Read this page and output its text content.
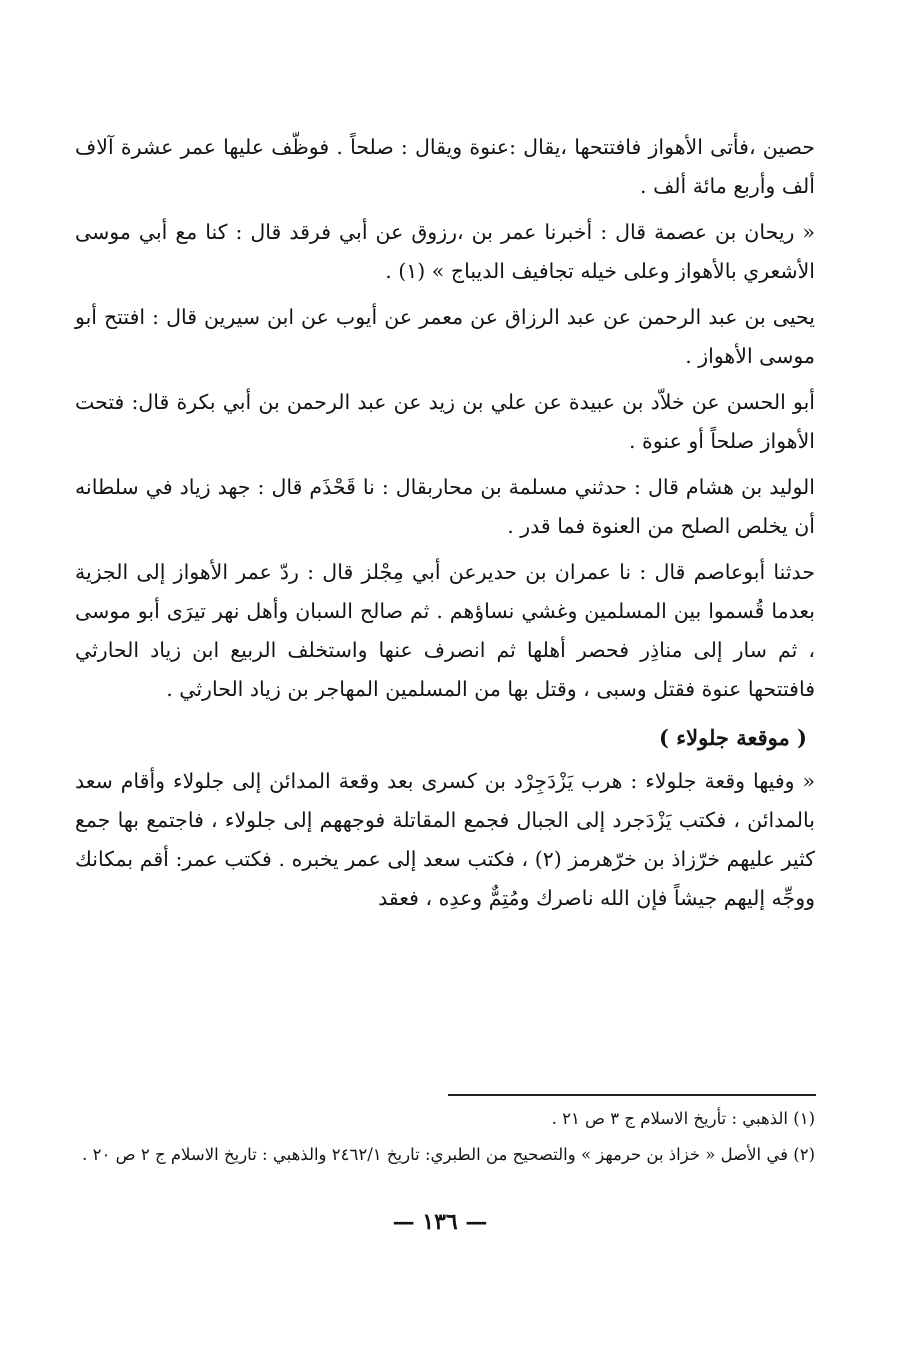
حصين ،فأتى الأهواز فافتتحها ،يقال :عنوة ويقال : صلحاً . فوظّف عليها عمر عشرة آلاف ألف وأربع مائة ألف .

« ريحان بن عصمة قال : أخبرنا عمر بن ،رزوق عن أبي فرقد قال : كنا مع أبي موسى الأشعري بالأهواز وعلى خيله تجافيف الديباج » (١) .

يحيى بن عبد الرحمن عن عبد الرزاق عن معمر عن أيوب عن ابن سيرين قال : افتتح أبو موسى الأهواز .

أبو الحسن عن خلاّد بن عبيدة عن علي بن زيد عن عبد الرحمن بن أبي بكرة قال: فتحت الأهواز صلحاً أو عنوة .

الوليد بن هشام قال : حدثني مسلمة بن محاربقال : نا قَحْذَم قال : جهد زياد في سلطانه أن يخلص الصلح من العنوة فما قدر .

حدثنا أبوعاصم قال : نا عمران بن حديرعن أبي مِجْلز قال : ردّ عمر الأهواز إلى الجزية بعدما قُسموا بين المسلمين وغشي نساؤهم . ثم صالح السبان وأهل نهر تيرَى أبو موسى ، ثم سار إلى مناذِر فحصر أهلها ثم انصرف عنها واستخلف الربيع ابن زياد الحارثي فافتتحها عنوة فقتل وسبى ، وقتل بها من المسلمين المهاجر بن زياد الحارثي .

( موقعة جلولاء )

« وفيها وقعة جلولاء : هرب يَزْدَجِرْد بن كسرى بعد وقعة المدائن إلى جلولاء وأقام سعد بالمدائن ، فكتب يَزْدَجرد إلى الجبال فجمع المقاتلة فوجههم إلى جلولاء ، فاجتمع بها جمع كثير عليهم خرّزاذ بن خرّهرمز (٢) ، فكتب سعد إلى عمر يخبره . فكتب عمر: أقم بمكانك ووجِّه إليهم جيشاً فإن الله ناصرك ومُتِمٌّ وعدِه ، فعقد

(١) الذهبي : تأريخ الاسلام ج ٣ ص ٢١ .

(٢) في الأصل « خزاذ بن حرمهز » والتصحيح من الطبري: تاريخ ٢٤٦٢/١ والذهبي : تاريخ الاسلام ج ٢ ص ٢٠ .

— ١٣٦ —
